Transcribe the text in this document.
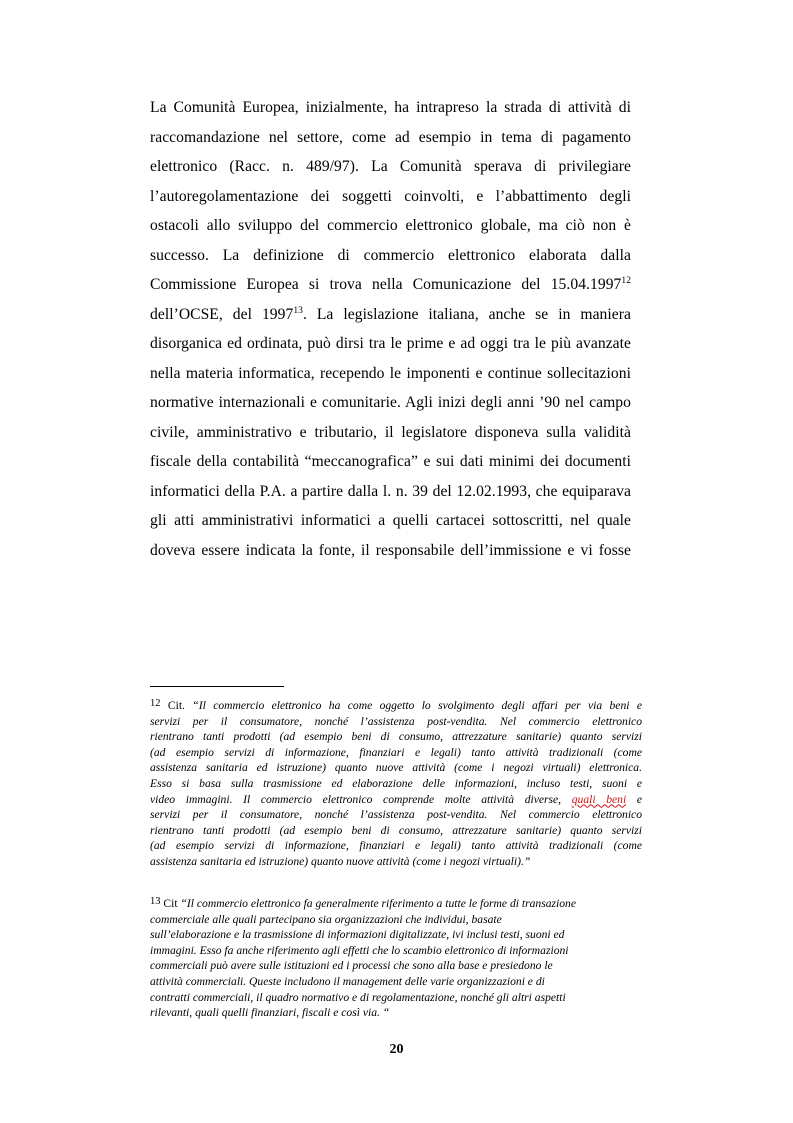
La Comunità Europea, inizialmente, ha intrapreso la strada di attività di
raccomandazione nel settore, come ad esempio in tema di pagamento
elettronico (Racc. n. 489/97). La Comunità sperava di privilegiare
l’autoregolamentazione dei soggetti coinvolti, e l’abbattimento degli
ostacoli allo sviluppo del commercio elettronico globale, ma ciò non è
successo. La definizione di commercio elettronico elaborata dalla
Commissione Europea si trova nella Comunicazione del 15.04.1997$^{12}$
dell’OCSE, del 1997$^{13}$. La legislazione italiana, anche se in maniera
disorganica ed ordinata, può dirsi tra le prime e ad oggi tra le più avanzate
nella materia informatica, recependo le imponenti e continue sollecitazioni
normative internazionali e comunitarie. Agli inizi degli anni ’90 nel campo
civile, amministrativo e tributario, il legislatore disponeva sulla validità
fiscale della contabilità “meccanografica” e sui dati minimi dei documenti
informatici della P.A. a partire dalla l. n. 39 del 12.02.1993, che equiparava
gli atti amministrativi informatici a quelli cartacei sottoscritti, nel quale
doveva essere indicata la fonte, il responsabile dell’immissione e vi fosse
12 Cit. “Il commercio elettronico ha come oggetto lo svolgimento degli affari per via beni e
servizi per il consumatore, nonché l’assistenza post-vendita. Nel commercio elettronico
rientrano tanti prodotti (ad esempio beni di consumo, attrezzature sanitarie) quanto servizi
(ad esempio servizi di informazione, finanziari e legali) tanto attività tradizionali (come
assistenza sanitaria ed istruzione) quanto nuove attività (come i negozi virtuali) elettronica.
Esso si basa sulla trasmissione ed elaborazione delle informazioni, incluso testi, suoni e
video immagini. Il commercio elettronico comprende molte attività diverse, quali beni e
servizi per il consumatore, nonché l’assistenza post-vendita. Nel commercio elettronico
rientrano tanti prodotti (ad esempio beni di consumo, attrezzature sanitarie) quanto servizi
(ad esempio servizi di informazione, finanziari e legali) tanto attività tradizionali (come
assistenza sanitaria ed istruzione) quanto nuove attività (come i negozi virtuali).”
13 Cit “Il commercio elettronico fa generalmente riferimento a tutte le forme di transazione
commerciale alle quali partecipano sia organizzazioni che individui, basate
sull’elaborazione e la trasmissione di informazioni digitalizzate, ivi inclusi testi, suoni ed
immagini. Esso fa anche riferimento agli effetti che lo scambio elettronico di informazioni
commerciali può avere sulle istituzioni ed i processi che sono alla base e presiedono le
attività commerciali. Queste includono il management delle varie organizzazioni e di
contratti commerciali, il quadro normativo e di regolamentazione, nonché gli altri aspetti
rilevanti, quali quelli finanziari, fiscali e così via. “
20
